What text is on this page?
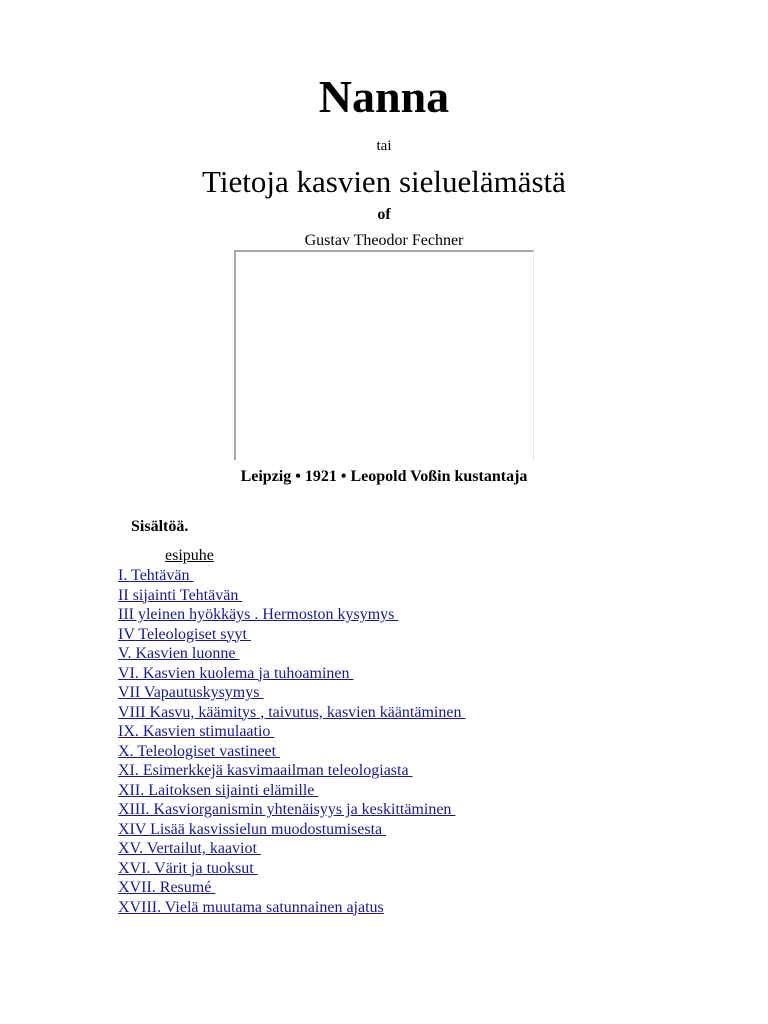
Nanna
tai
Tietoja kasvien sieluelämästä
of
Gustav Theodor Fechner
Leipzig • 1921 • Leopold Voßin kustantaja
Sisältöä.
esipuhe
I. Tehtävän
II sijainti Tehtävän
III yleinen hyökkäys . Hermoston kysymys
IV Teleologiset syyt
V. Kasvien luonne
VI. Kasvien kuolema ja tuhoaminen
VII Vapautuskysymys
VIII Kasvu, käämitys , taivutus, kasvien kääntäminen
IX. Kasvien stimulaatio
X. Teleologiset vastineet
XI. Esimerkkejä kasvimaailman teleologiasta
XII. Laitoksen sijainti elämille
XIII. Kasviorganismin yhtenäisyys ja keskittäminen
XIV Lisää kasvissielun muodostumisesta
XV. Vertailut, kaaviot
XVI. Värit ja tuoksut
XVII. Resumé
XVIII. Vielä muutama satunnainen ajatus
